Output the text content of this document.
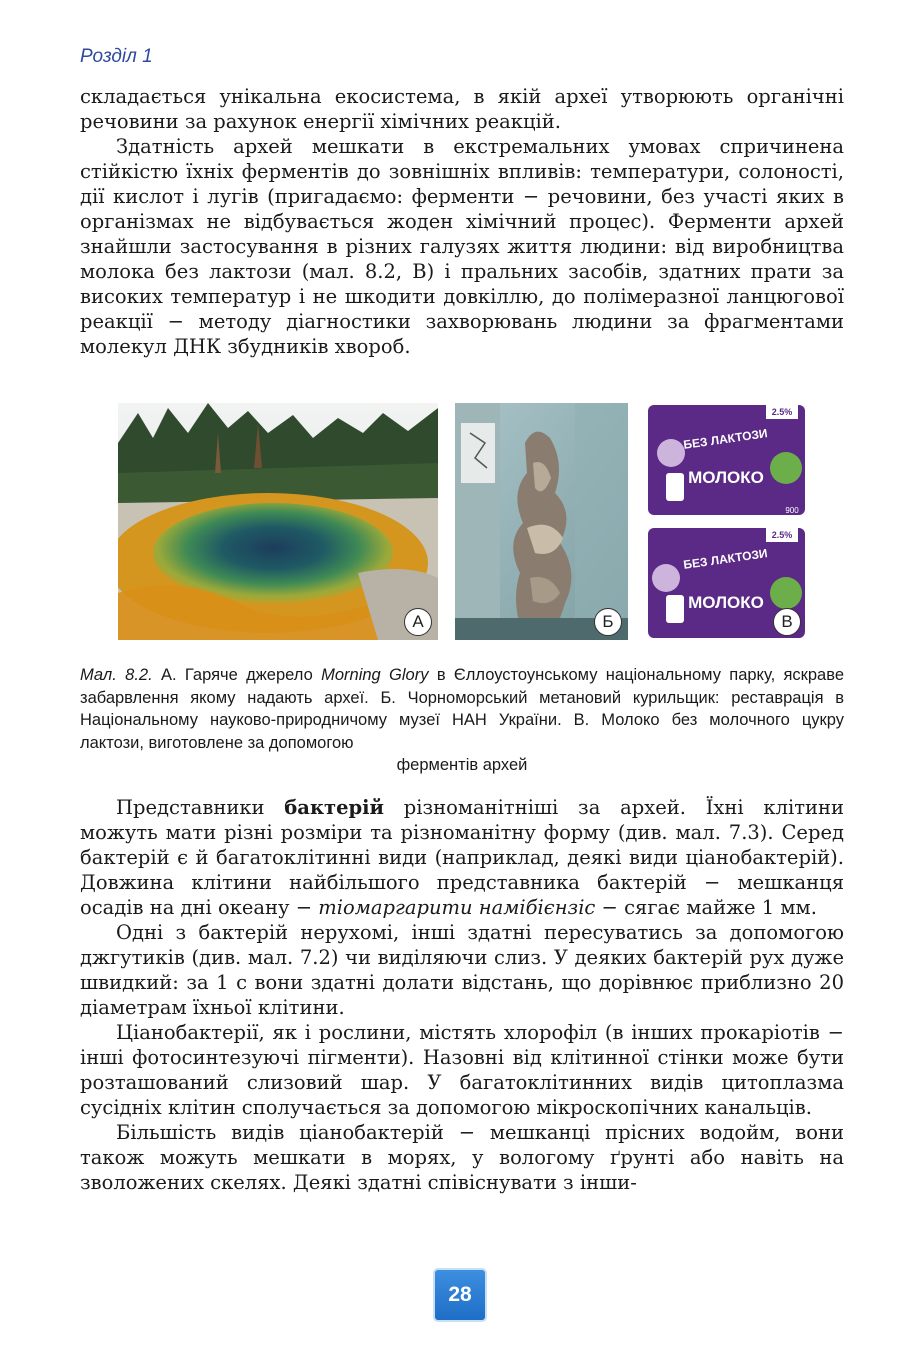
Розділ 1

складається унікальна екосистема, в якій археї утворюють органічні речовини за рахунок енергії хімічних реакцій.

Здатність архей мешкати в екстремальних умовах спричинена стійкістю їхніх ферментів до зовнішніх впливів: температури, солоності, дії кислот і лугів (пригадаємо: ферменти − речовини, без участі яких в організмах не відбувається жоден хімічний процес). Ферменти архей знайшли застосування в різних галузях життя людини: від виробництва молока без лактози (мал. 8.2, В) і пральних засобів, здатних прати за високих температур і не шкодити довкіллю, до полімеразної ланцюгової реакції − методу діагностики захворювань людини за фрагментами молекул ДНК збудників хвороб.

А	Б
БЕЗ ЛАКТОЗИ
МОЛОКО
2.5%
900
БЕЗ ЛАКТОЗИ
МОЛОКО
2.5%
В
Мал. 8.2. А. Гаряче джерело Morning Glory в Єллоустоунському національному парку, яскраве забарвлення якому надають археї. Б. Чорноморський метановий курильщик: реставрація в Національному науково-природничому музеї НАН України. В. Молоко без молочного цукру лактози, виготовлене за допомогою
ферментів архей

Представники бактерій різноманітніші за архей. Їхні клітини можуть мати різні розміри та різноманітну форму (див. мал. 7.3). Серед бактерій є й багатоклітинні види (наприклад, деякі види ціанобактерій). Довжина клітини найбільшого представника бактерій − мешканця осадів на дні океану − тіомаргарити намібієнзіс − сягає майже 1 мм.

Одні з бактерій нерухомі, інші здатні пересуватись за допомогою джгутиків (див. мал. 7.2) чи виділяючи слиз. У деяких бактерій рух дуже швидкий: за 1 с вони здатні долати відстань, що дорівнює приблизно 20 діаметрам їхньої клітини.

Ціанобактерії, як і рослини, містять хлорофіл (в інших прокаріотів − інші фотосинтезуючі пігменти). Назовні від клітинної стінки може бути розташований слизовий шар. У багатоклітинних видів цитоплазма сусідніх клітин сполучається за допомогою мікроскопічних канальців.

Більшість видів ціанобактерій − мешканці прісних водойм, вони також можуть мешкати в морях, у вологому ґрунті або навіть на зволожених скелях. Деякі здатні співіснувати з інши-

28
